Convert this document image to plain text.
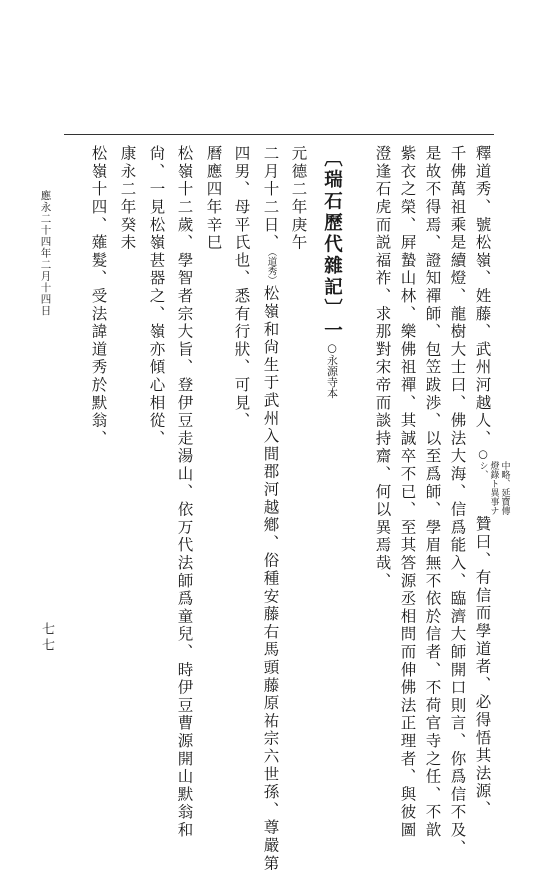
釋道秀、號松嶺、姓藤、武州河越人、○中略、延寶傳燈錄ト異事ナシ、贊曰、有信而學道者、必得悟其法源、
千佛萬祖乘是續燈、龍樹大士曰、佛法大海、信爲能入、臨濟大師開口則言、你爲信不及、
是故不得焉、證知禪師、包笠跋渉、以至爲師、學眉無不依於信者、不荷官寺之任、不歆
紫衣之榮、屛蟄山林、樂佛祖禪、其誠卒不已、至其答源丞相問而伸佛法正理者、與彼圖
澄逢石虎而説福祚、求那對宋帝而談持齋、何以異焉哉、
〔瑞石歷代雜記〕一○永源寺本
元德二年庚午
二月十二日、（道秀）松嶺和尙生于武州入間郡河越鄕、俗種安藤右馬頭藤原祐宗六世孫、尊嚴第
四男、母平氏也、悉有行狀、可見、
曆應四年辛巳
松嶺十二歲、學智者宗大旨、登伊豆走湯山、依万代法師爲童兒、時伊豆曹源開山默翁和
尙、一見松嶺甚器之、嶺亦傾心相從、
康永二年癸未
松嶺十四、薙髮、受法諱道秀於默翁、
應永二十四年二月十四日
七七
